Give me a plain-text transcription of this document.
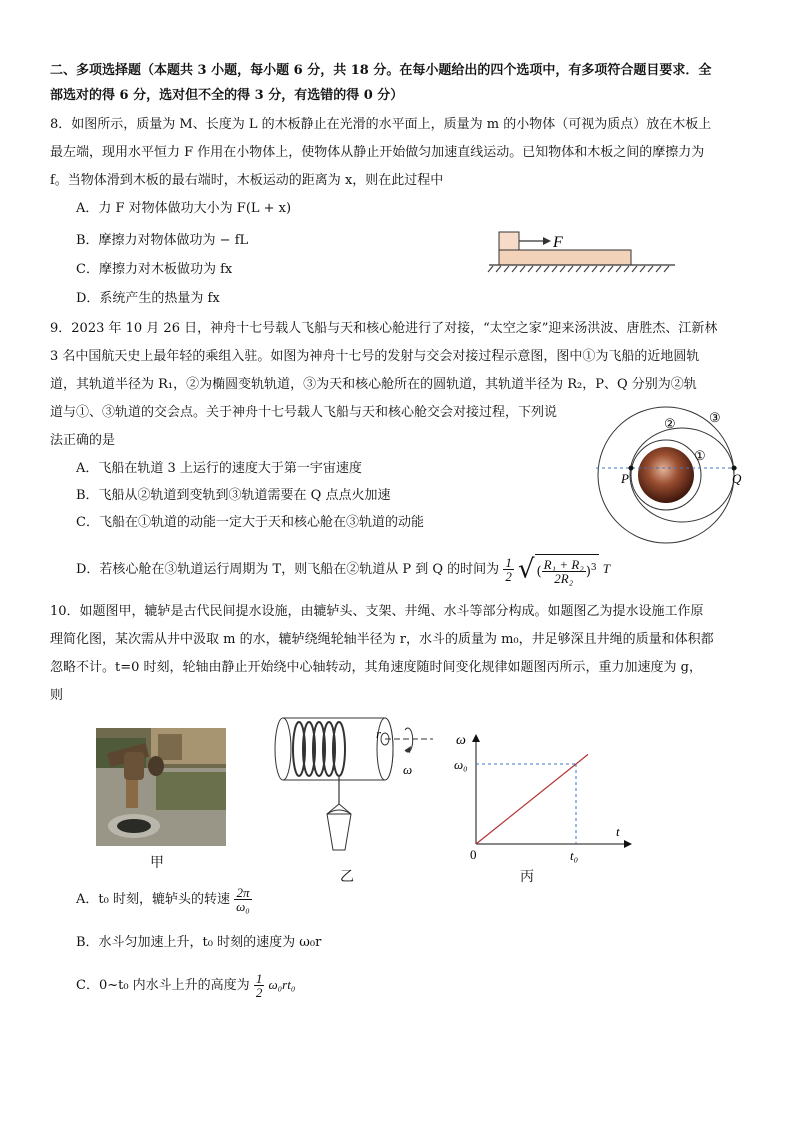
二、多项选择题（本题共 3 小题，每小题 6 分，共 18 分。在每小题给出的四个选项中，有多项符合题目要求．全
部选对的得 6 分，选对但不全的得 3 分，有选错的得 0 分）
8．如图所示，质量为 M、长度为 L 的木板静止在光滑的水平面上，质量为 m 的小物体（可视为质点）放在木板上
最左端，现用水平恒力 F 作用在小物体上，使物体从静止开始做匀加速直线运动。已知物体和木板之间的摩擦力为
f。当物体滑到木板的最右端时，木板运动的距离为 x，则在此过程中
A．力 F 对物体做功大小为 F(L + x)
B．摩擦力对物体做功为 − fL
C．摩擦力对木板做功为 fx
D．系统产生的热量为 fx
F
9．2023 年 10 月 26 日，神舟十七号载人飞船与天和核心舱进行了对接，“太空之家”迎来汤洪波、唐胜杰、江新林
3 名中国航天史上最年轻的乘组入驻。如图为神舟十七号的发射与交会对接过程示意图，图中①为飞船的近地圆轨
道，其轨道半径为 R₁，②为椭圆变轨轨道，③为天和核心舱所在的圆轨道，其轨道半径为 R₂，P、Q 分别为②轨
道与①、③轨道的交会点。关于神舟十七号载人飞船与天和核心舱交会对接过程，下列说
法正确的是
A．飞船在轨道 3 上运行的速度大于第一宇宙速度
B．飞船从②轨道到变轨到③轨道需要在 Q 点点火加速
C．飞船在①轨道的动能一定大于天和核心舱在③轨道的动能
D．若核心舱在③轨道运行周期为 T，则飞船在②轨道从 P 到 Q 的时间为 $\frac{1}{2}$ √ ( $\frac{\text{R₁ + R₂}}{\text{2R₂}} )^3$ T
P	Q
①
②	③
10．如题图甲，辘轳是古代民间提水设施，由辘轳头、支架、井绳、水斗等部分构成。如题图乙为提水设施工作原
理简化图，某次需从井中汲取 m 的水，辘轳绕绳轮轴半径为 r，水斗的质量为 m₀，井足够深且井绳的质量和体积都
忽略不计。t=0 时刻，轮轴由静止开始绕中心轴转动，其角速度随时间变化规律如题图丙所示，重力加速度为 g，
则
甲
r
ω
乙
ω
t
0
ω₀
t₀
丙
A．t₀ 时刻，辘轳头的转速 $\frac{2\pi}{\text{ω₀}}$
B．水斗匀加速上升，t₀ 时刻的速度为 ω₀r
C．0~t₀ 内水斗上升的高度为 $\frac{1}{2} \omega_0rt_0$
